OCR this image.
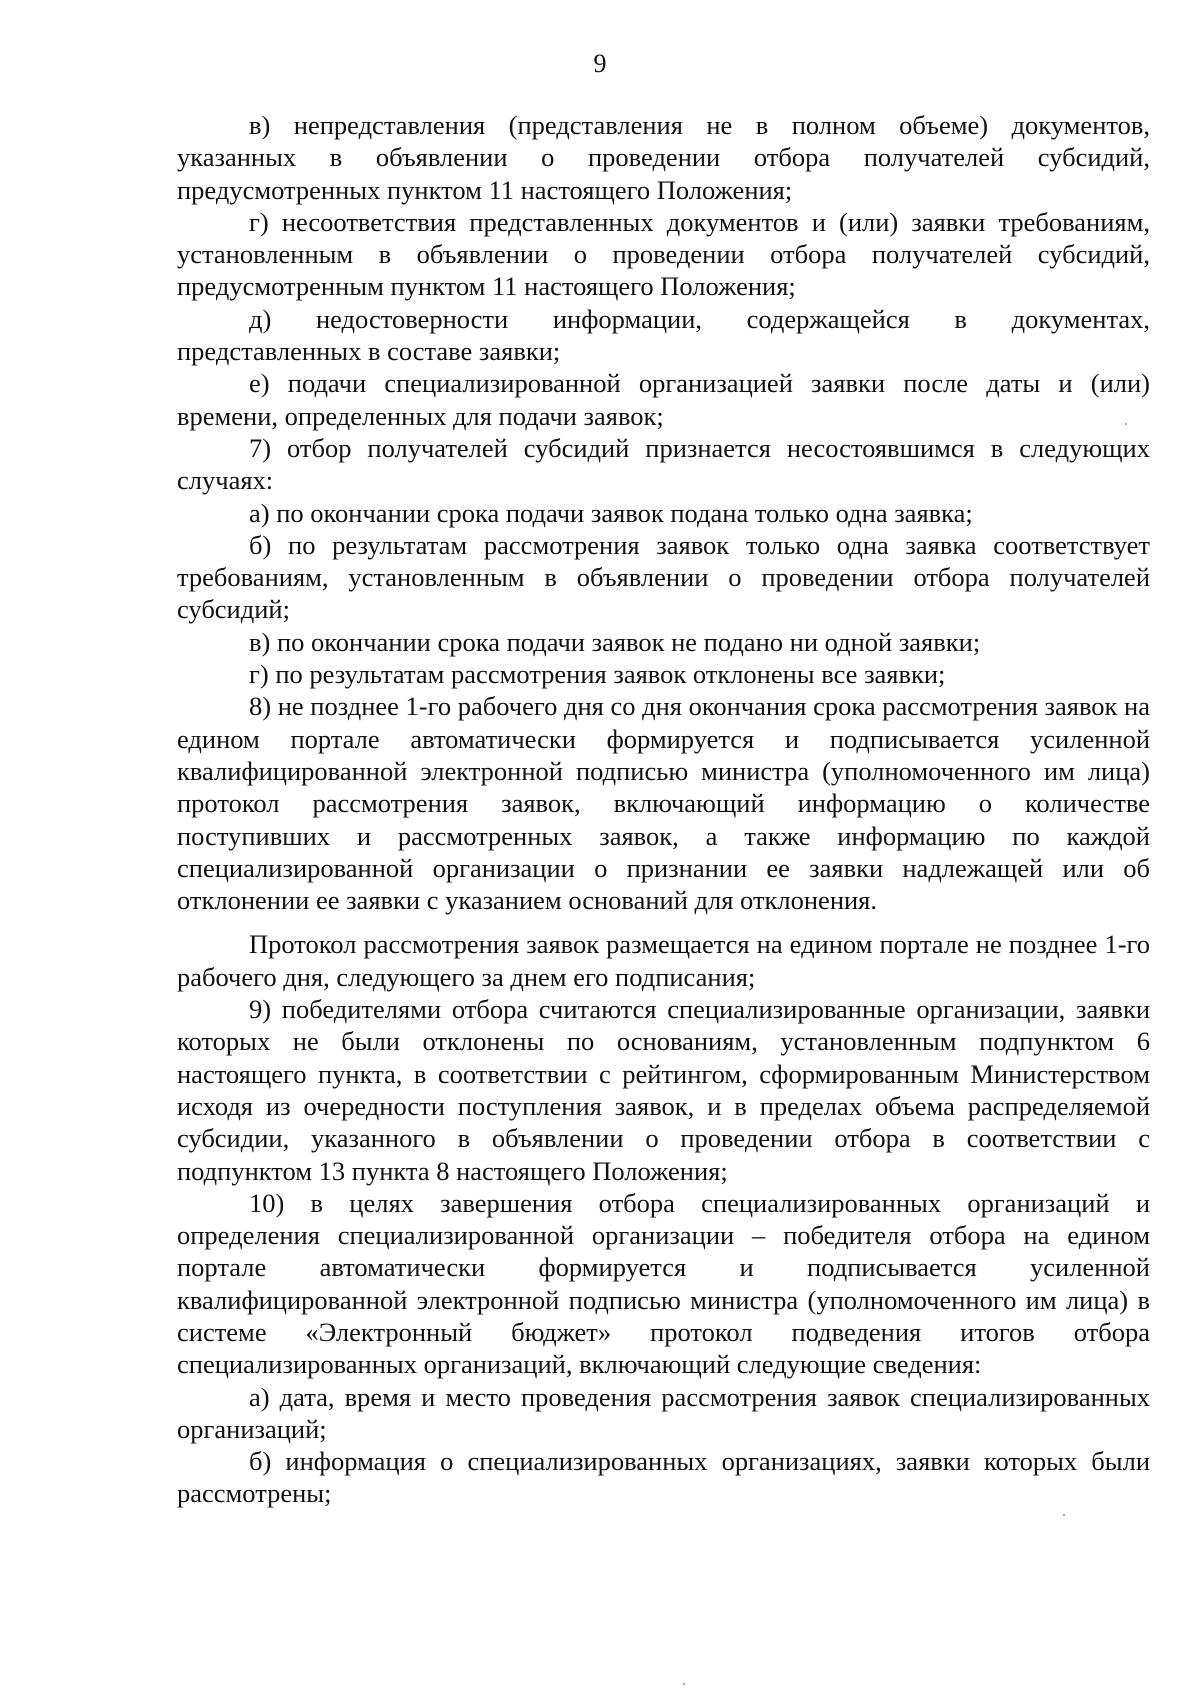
9

в) непредставления (представления не в полном объеме) документов, указанных в объявлении о проведении отбора получателей субсидий, предусмотренных пунктом 11 настоящего Положения;

г) несоответствия представленных документов и (или) заявки требованиям, установленным в объявлении о проведении отбора получателей субсидий, предусмотренным пунктом 11 настоящего Положения;

д) недостоверности информации, содержащейся в документах, представленных в составе заявки;

е) подачи специализированной организацией заявки после даты и (или) времени, определенных для подачи заявок;

7) отбор получателей субсидий признается несостоявшимся в следующих случаях:

а) по окончании срока подачи заявок подана только одна заявка;

б) по результатам рассмотрения заявок только одна заявка соответствует требованиям, установленным в объявлении о проведении отбора получателей субсидий;

в) по окончании срока подачи заявок не подано ни одной заявки;

г) по результатам рассмотрения заявок отклонены все заявки;

8) не позднее 1-го рабочего дня со дня окончания срока рассмотрения заявок на едином портале автоматически формируется и подписывается усиленной квалифицированной электронной подписью министра (уполномоченного им лица) протокол рассмотрения заявок, включающий информацию о количестве поступивших и рассмотренных заявок, а также информацию по каждой специализированной организации о признании ее заявки надлежащей или об отклонении ее заявки с указанием оснований для отклонения.

Протокол рассмотрения заявок размещается на едином портале не позднее 1-го рабочего дня, следующего за днем его подписания;

9) победителями отбора считаются специализированные организации, заявки которых не были отклонены по основаниям, установленным подпунктом 6 настоящего пункта, в соответствии с рейтингом, сформированным Министерством исходя из очередности поступления заявок, и в пределах объема распределяемой субсидии, указанного в объявлении о проведении отбора в соответствии с подпунктом 13 пункта 8 настоящего Положения;

10) в целях завершения отбора специализированных организаций и определения специализированной организации – победителя отбора на едином портале автоматически формируется и подписывается усиленной квалифицированной электронной подписью министра (уполномоченного им лица) в системе «Электронный бюджет» протокол подведения итогов отбора специализированных организаций, включающий следующие сведения:

а) дата, время и место проведения рассмотрения заявок специализированных организаций;

б) информация о специализированных организациях, заявки которых были рассмотрены;
